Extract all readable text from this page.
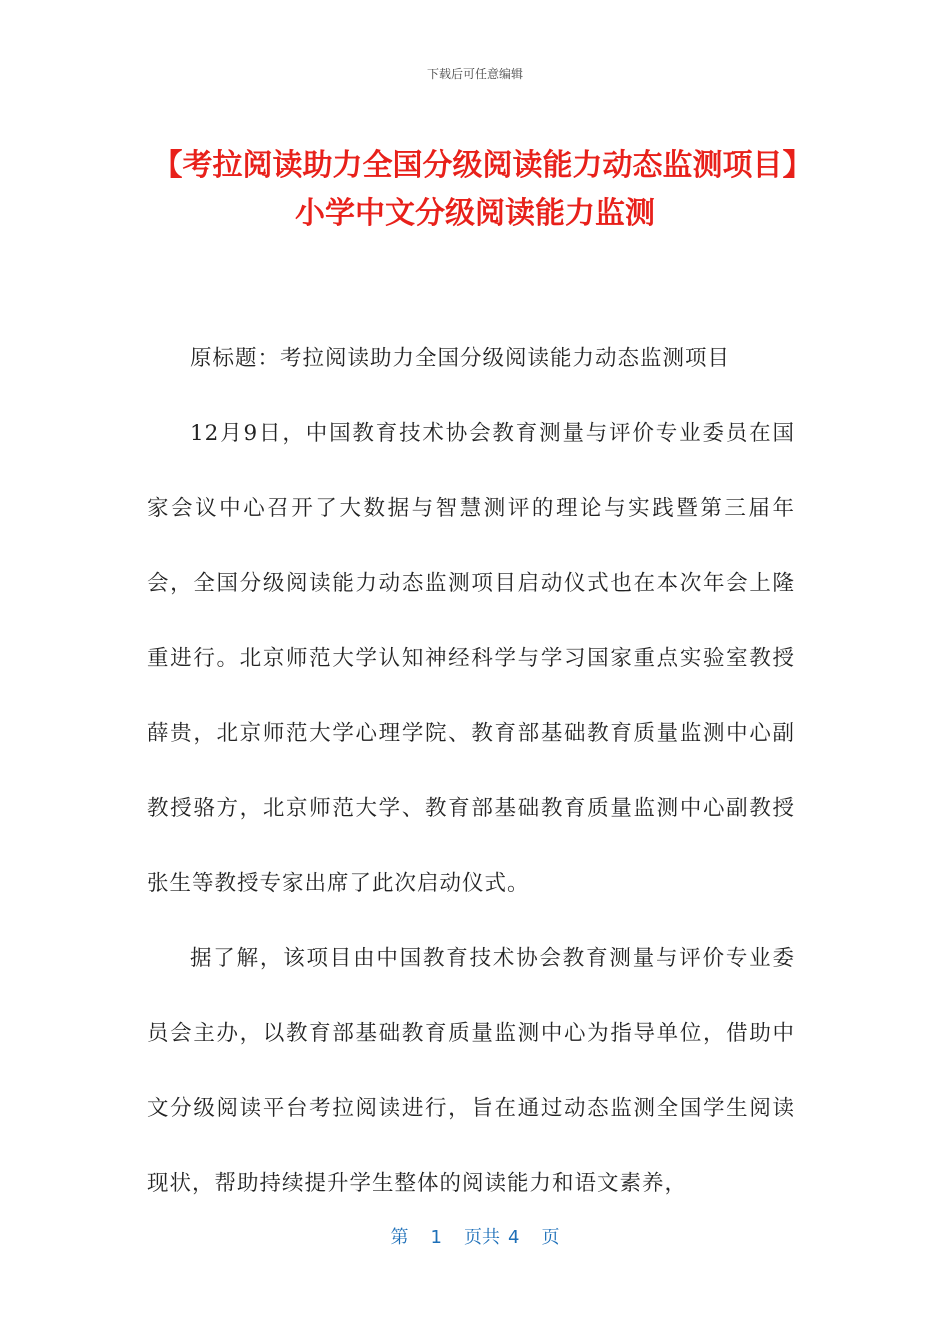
下载后可任意编辑
【考拉阅读助力全国分级阅读能力动态监测项目】小学中文分级阅读能力监测

原标题：考拉阅读助力全国分级阅读能力动态监测项目

12月9日，中国教育技术协会教育测量与评价专业委员在国家会议中心召开了大数据与智慧测评的理论与实践暨第三届年会，全国分级阅读能力动态监测项目启动仪式也在本次年会上隆重进行。北京师范大学认知神经科学与学习国家重点实验室教授薛贵，北京师范大学心理学院、教育部基础教育质量监测中心副教授骆方，北京师范大学、教育部基础教育质量监测中心副教授张生等教授专家出席了此次启动仪式。

据了解，该项目由中国教育技术协会教育测量与评价专业委员会主办，以教育部基础教育质量监测中心为指导单位，借助中文分级阅读平台考拉阅读进行，旨在通过动态监测全国学生阅读现状，帮助持续提升学生整体的阅读能力和语文素养，

第 1 页共 4 页
